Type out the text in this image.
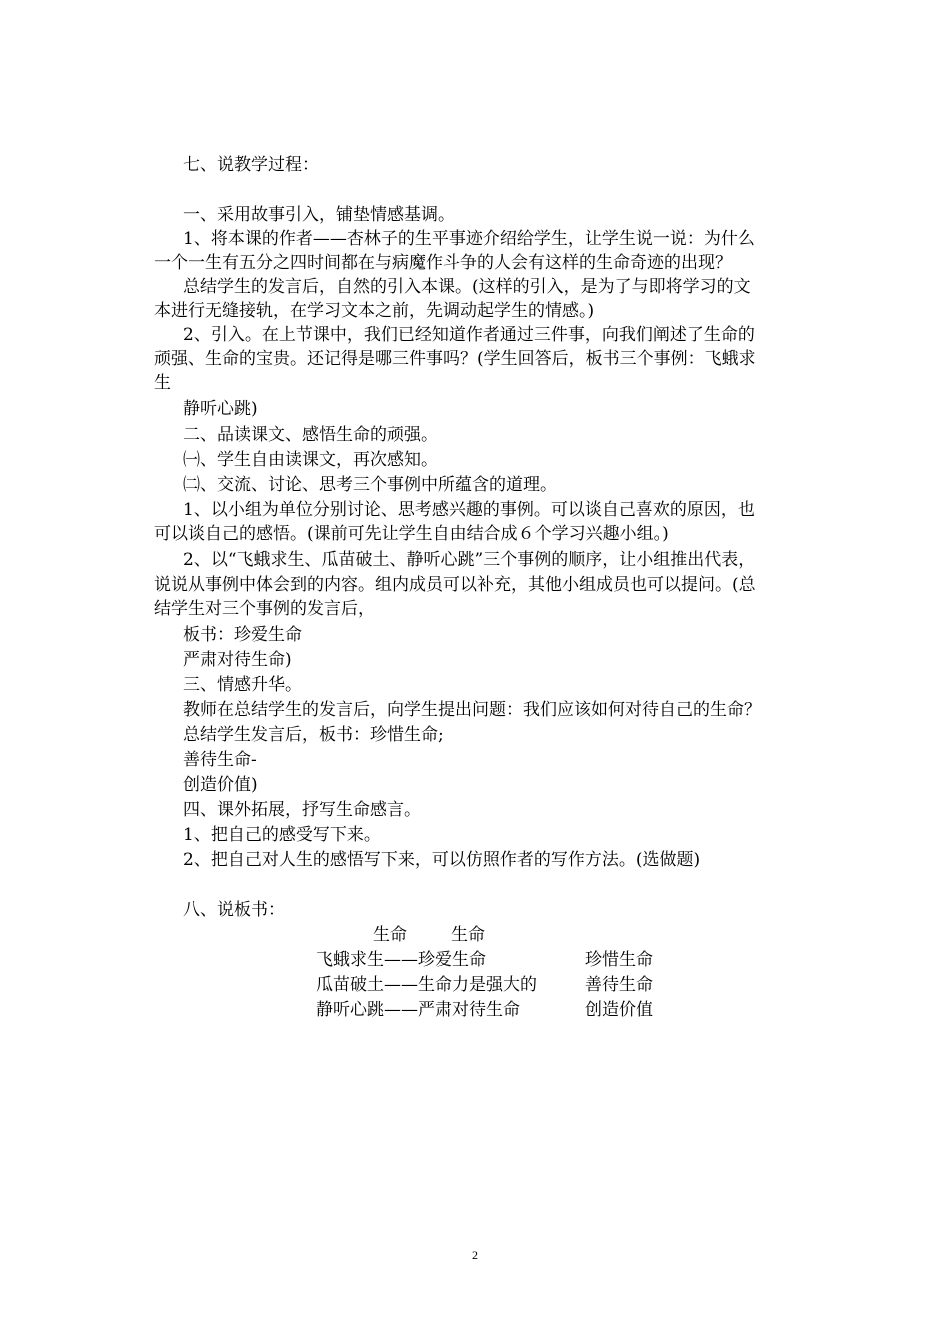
七、说教学过程：
一、采用故事引入，铺垫情感基调。
1、将本课的作者——杏林子的生平事迹介绍给学生，让学生说一说：为什么
一个一生有五分之四时间都在与病魔作斗争的人会有这样的生命奇迹的出现？
总结学生的发言后，自然的引入本课。(这样的引入，是为了与即将学习的文
本进行无缝接轨，在学习文本之前，先调动起学生的情感。)
2、引入。在上节课中，我们已经知道作者通过三件事，向我们阐述了生命的
顽强、生命的宝贵。还记得是哪三件事吗？(学生回答后，板书三个事例：飞蛾求
生
静听心跳)
二、品读课文、感悟生命的顽强。
㈠、学生自由读课文，再次感知。
㈡、交流、讨论、思考三个事例中所蕴含的道理。
1、以小组为单位分别讨论、思考感兴趣的事例。可以谈自己喜欢的原因，也
可以谈自己的感悟。(课前可先让学生自由结合成６个学习兴趣小组。)
2、以“飞蛾求生、瓜苗破土、静听心跳”三个事例的顺序，让小组推出代表，
说说从事例中体会到的内容。组内成员可以补充，其他小组成员也可以提问。(总
结学生对三个事例的发言后，
板书：珍爱生命
严肃对待生命)
三、情感升华。
教师在总结学生的发言后，向学生提出问题：我们应该如何对待自己的生命？
总结学生发言后，板书：珍惜生命;
善待生命-
创造价值)
四、课外拓展，抒写生命感言。
1、把自己的感受写下来。
2、把自己对人生的感悟写下来，可以仿照作者的写作方法。(选做题)
八、说板书：
生命	生命
飞蛾求生——珍爱生命	珍惜生命
瓜苗破土——生命力是强大的	善待生命
静听心跳——严肃对待生命	创造价值
2
